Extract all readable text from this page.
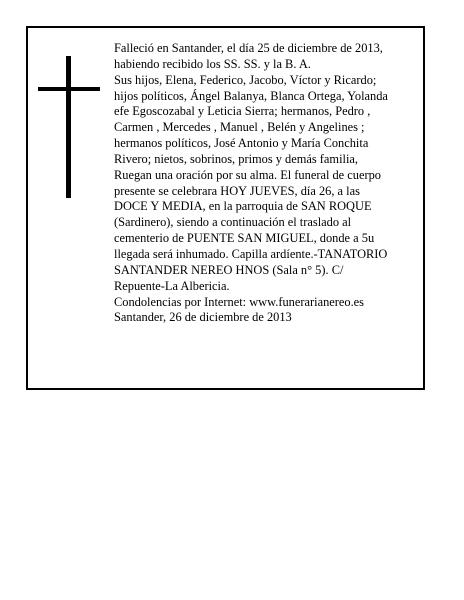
Falleció en Santander, el día 25 de diciembre de 2013,
habiendo recibido los SS. SS. y la B. A.
Sus hijos, Elena, Federico, Jacobo, Víctor y Ricardo;
hijos políticos, Ángel Balanya, Blanca Ortega, Yolanda
efe Egoscozabal y Leticia Sierra; hermanos, Pedro ,
Carmen , Mercedes , Manuel , Belén y Angelines ;
hermanos políticos, José Antonio y María Conchita
Rivero; nietos, sobrinos, primos y demás familia,
Ruegan una oración por su alma. El funeral de cuerpo
presente se celebrara HOY JUEVES, día 26, a las
DOCE Y MEDIA, en la parroquia de SAN ROQUE
(Sardinero), siendo a continuación el traslado al
cementerio de PUENTE SAN MIGUEL, donde a 5u
llegada será inhumado. Capilla ardíente.-TANATORIO
SANTANDER NEREO HNOS (Sala n° 5). C/
Repuente-La Albericia.
Condolencias por Internet: www.funerarianereo.es
Santander, 26 de diciembre de 2013
